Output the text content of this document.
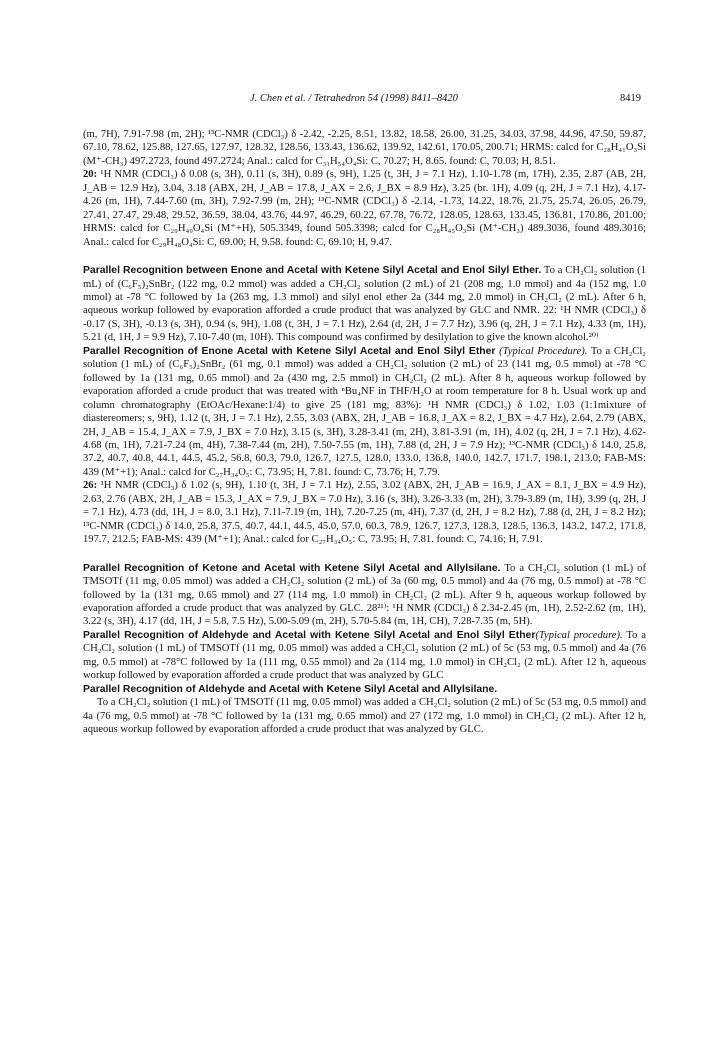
J. Chen et al. / Tetrahedron 54 (1998) 8411–8420	8419

(m, 7H), 7.91-7.98 (m, 2H); ¹³C-NMR (CDCl₃) δ -2.42, -2.25, 8.51, 13.82, 18.58, 26.00, 31.25, 34.03, 37.98, 44.96, 47.50, 59.87, 67.10, 78.62, 125.88, 127.65, 127.97, 128.32, 128.56, 133.43, 136.62, 139.92, 142.61, 170.05, 200.71; HRMS: calcd for C₂₈H₄₁O₃Si (M⁺-CH₃) 497.2723, found 497.2724; Anal.: calcd for C₃₁H₅₄O₄Si: C, 70.27; H, 8.65. found: C, 70.03; H, 8.51.

20: ¹H NMR (CDCl₃) δ 0.08 (s, 3H), 0.11 (s, 3H), 0.89 (s, 9H), 1.25 (t, 3H, J = 7.1 Hz), 1.10-1.78 (m, 17H), 2.35, 2.87 (AB, 2H, J_AB = 12.9 Hz), 3.04, 3.18 (ABX, 2H, J_AB = 17.8, J_AX = 2.6, J_BX = 8.9 Hz), 3.25 (br. 1H), 4.09 (q, 2H, J = 7.1 Hz), 4.17-4.26 (m, 1H), 7.44-7.60 (m, 3H), 7.92-7.99 (m, 2H); ¹³C-NMR (CDCl₃) δ -2.14, -1.73, 14.22, 18.76, 21.75, 25.74, 26.05, 26.79, 27.41, 27.47, 29.48, 29.52, 36.59, 38.04, 43.76, 44.97, 46.29, 60.22, 67.78, 76.72, 128.05, 128.63, 133.45, 136.81, 170.86, 201.00; HRMS: calcd for C₂₉H₄₉O₄Si (M⁺+H), 505.3349, found 505.3398; calcd for C₂₈H₄₅O₃Si (M⁺-CH₃) 489.3036, found 489.3016; Anal.: calcd for C₂₉H₄₈O₄Si: C, 69.00; H, 9.58. found: C, 69.10; H, 9.47.

Parallel Recognition between Enone and Acetal with Ketene Silyl Acetal and Enol Silyl Ether. To a CH₂Cl₂ solution (1 mL) of (C₆F₅)₂SnBr₂ (122 mg, 0.2 mmol) was added a CH₂Cl₂ solution (2 mL) of 21 (208 mg, 1.0 mmol) and 4a (152 mg, 1.0 mmol) at -78 °C followed by 1a (263 mg, 1.3 mmol) and silyl enol ether 2a (344 mg, 2.0 mmol) in CH₂Cl₂ (2 mL). After 6 h, aqueous workup followed by evaporation afforded a crude product that was analyzed by GLC and NMR. 22: ¹H NMR (CDCl₃) δ -0.17 (S, 3H), -0.13 (s, 3H), 0.94 (s, 9H), 1.08 (t, 3H, J = 7.1 Hz), 2.64 (d, 2H, J = 7.7 Hz), 3.96 (q, 2H, J = 7.1 Hz), 4.33 (m, 1H), 5.21 (d, 1H, J = 9.9 Hz), 7.10-7.40 (m, 10H). This compound was confirmed by desilylation to give the known alcohol.²⁰⁾

Parallel Recognition of Enone Acetal with Ketene Silyl Acetal and Enol Silyl Ether (Typical Procedure). To a CH₂Cl₂ solution (1 mL) of (C₆F₅)₂SnBr₂ (61 mg, 0.1 mmol) was added a CH₂Cl₂ solution (2 mL) of 23 (141 mg, 0.5 mmol) at -78 °C followed by 1a (131 mg, 0.65 mmol) and 2a (430 mg, 2.5 mmol) in CH₂Cl₂ (2 mL). After 8 h, aqueous workup followed by evaporation afforded a crude product that was treated with ⁿBu₄NF in THF/H₂O at room temperature for 8 h. Usual work up and column chromatography (EtOAc/Hexane:1/4) to give 25 (181 mg, 83%): ¹H NMR (CDCl₃) δ 1.02, 1.03 (1:1mixture of diastereomers; s, 9H), 1.12 (t, 3H, J = 7.1 Hz), 2.55, 3.03 (ABX, 2H, J_AB = 16.8, J_AX = 8.2, J_BX = 4.7 Hz), 2.64, 2.79 (ABX, 2H, J_AB = 15.4, J_AX = 7.9, J_BX = 7.0 Hz), 3.15 (s, 3H), 3.28-3.41 (m, 2H), 3.81-3.91 (m, 1H), 4.02 (q, 2H, J = 7.1 Hz), 4.62-4.68 (m, 1H), 7.21-7.24 (m, 4H), 7.38-7.44 (m, 2H), 7.50-7.55 (m, 1H), 7.88 (d, 2H, J = 7.9 Hz); ¹³C-NMR (CDCl₃) δ 14.0, 25.8, 37.2, 40.7, 40.8, 44.1, 44.5, 45.2, 56.8, 60.3, 79.0, 126.7, 127.5, 128.0, 133.0, 136.8, 140.0, 142.7, 171.7, 198.1, 213.0; FAB-MS: 439 (M⁺+1); Anal.: calcd for C₂₇H₃₄O₅: C, 73.95; H, 7.81. found: C, 73.76; H, 7.79.

26: ¹H NMR (CDCl₃) δ 1.02 (s, 9H), 1.10 (t, 3H, J = 7.1 Hz), 2.55, 3.02 (ABX, 2H, J_AB = 16.9, J_AX = 8.1, J_BX = 4.9 Hz), 2.63, 2.76 (ABX, 2H, J_AB = 15.3, J_AX = 7.9, J_BX = 7.0 Hz), 3.16 (s, 3H), 3.26-3.33 (m, 2H), 3.79-3.89 (m, 1H), 3.99 (q, 2H, J = 7.1 Hz), 4.73 (dd, 1H, J = 8.0, 3.1 Hz), 7.11-7.19 (m, 1H), 7.20-7.25 (m, 4H), 7.37 (d, 2H, J = 8.2 Hz), 7.88 (d, 2H, J = 8.2 Hz); ¹³C-NMR (CDCl₃) δ 14.0, 25.8, 37.5, 40.7, 44.1, 44.5, 45.0, 57.0, 60.3, 78.9, 126.7, 127.3, 128.3, 128.5, 136.3, 143.2, 147.2, 171.8, 197.7, 212.5; FAB-MS: 439 (M⁺+1); Anal.: calcd for C₂₇H₃₄O₅: C, 73.95; H, 7.81. found: C, 74.16; H, 7.91.

Parallel Recognition of Ketone and Acetal with Ketene Silyl Acetal and Allylsilane. To a CH₂Cl₂ solution (1 mL) of TMSOTf (11 mg, 0.05 mmol) was added a CH₂Cl₂ solution (2 mL) of 3a (60 mg, 0.5 mmol) and 4a (76 mg, 0.5 mmol) at -78 °C followed by 1a (131 mg, 0.65 mmol) and 27 (114 mg, 1.0 mmol) in CH₂Cl₂ (2 mL). After 9 h, aqueous workup followed by evaporation afforded a crude product that was analyzed by GLC. 28²¹⁾: ¹H NMR (CDCl₃) δ 2.34-2.45 (m, 1H), 2.52-2.62 (m, 1H), 3.22 (s, 3H), 4.17 (dd, 1H, J = 5.8, 7.5 Hz), 5.00-5.09 (m, 2H), 5.70-5.84 (m, 1H, CH), 7.28-7.35 (m, 5H).

Parallel Recognition of Aldehyde and Acetal with Ketene Silyl Acetal and Enol Silyl Ether(Typical procedure). To a CH₂Cl₂ solution (1 mL) of TMSOTf (11 mg, 0.05 mmol) was added a CH₂Cl₂ solution (2 mL) of 5c (53 mg, 0.5 mmol) and 4a (76 mg, 0.5 mmol) at -78°C followed by 1a (111 mg, 0.55 mmol) and 2a (114 mg, 1.0 mmol) in CH₂Cl₂ (2 mL). After 12 h, aqueous workup followed by evaporation afforded a crude product that was analyzed by GLC

Parallel Recognition of Aldehyde and Acetal with Ketene Silyl Acetal and Allylsilane.

To a CH₂Cl₂ solution (1 mL) of TMSOTf (11 mg, 0.05 mmol) was added a CH₂Cl₂ solution (2 mL) of 5c (53 mg, 0.5 mmol) and 4a (76 mg, 0.5 mmol) at -78 °C followed by 1a (131 mg, 0.65 mmol) and 27 (172 mg, 1.0 mmol) in CH₂Cl₂ (2 mL). After 12 h, aqueous workup followed by evaporation afforded a crude product that was analyzed by GLC.
